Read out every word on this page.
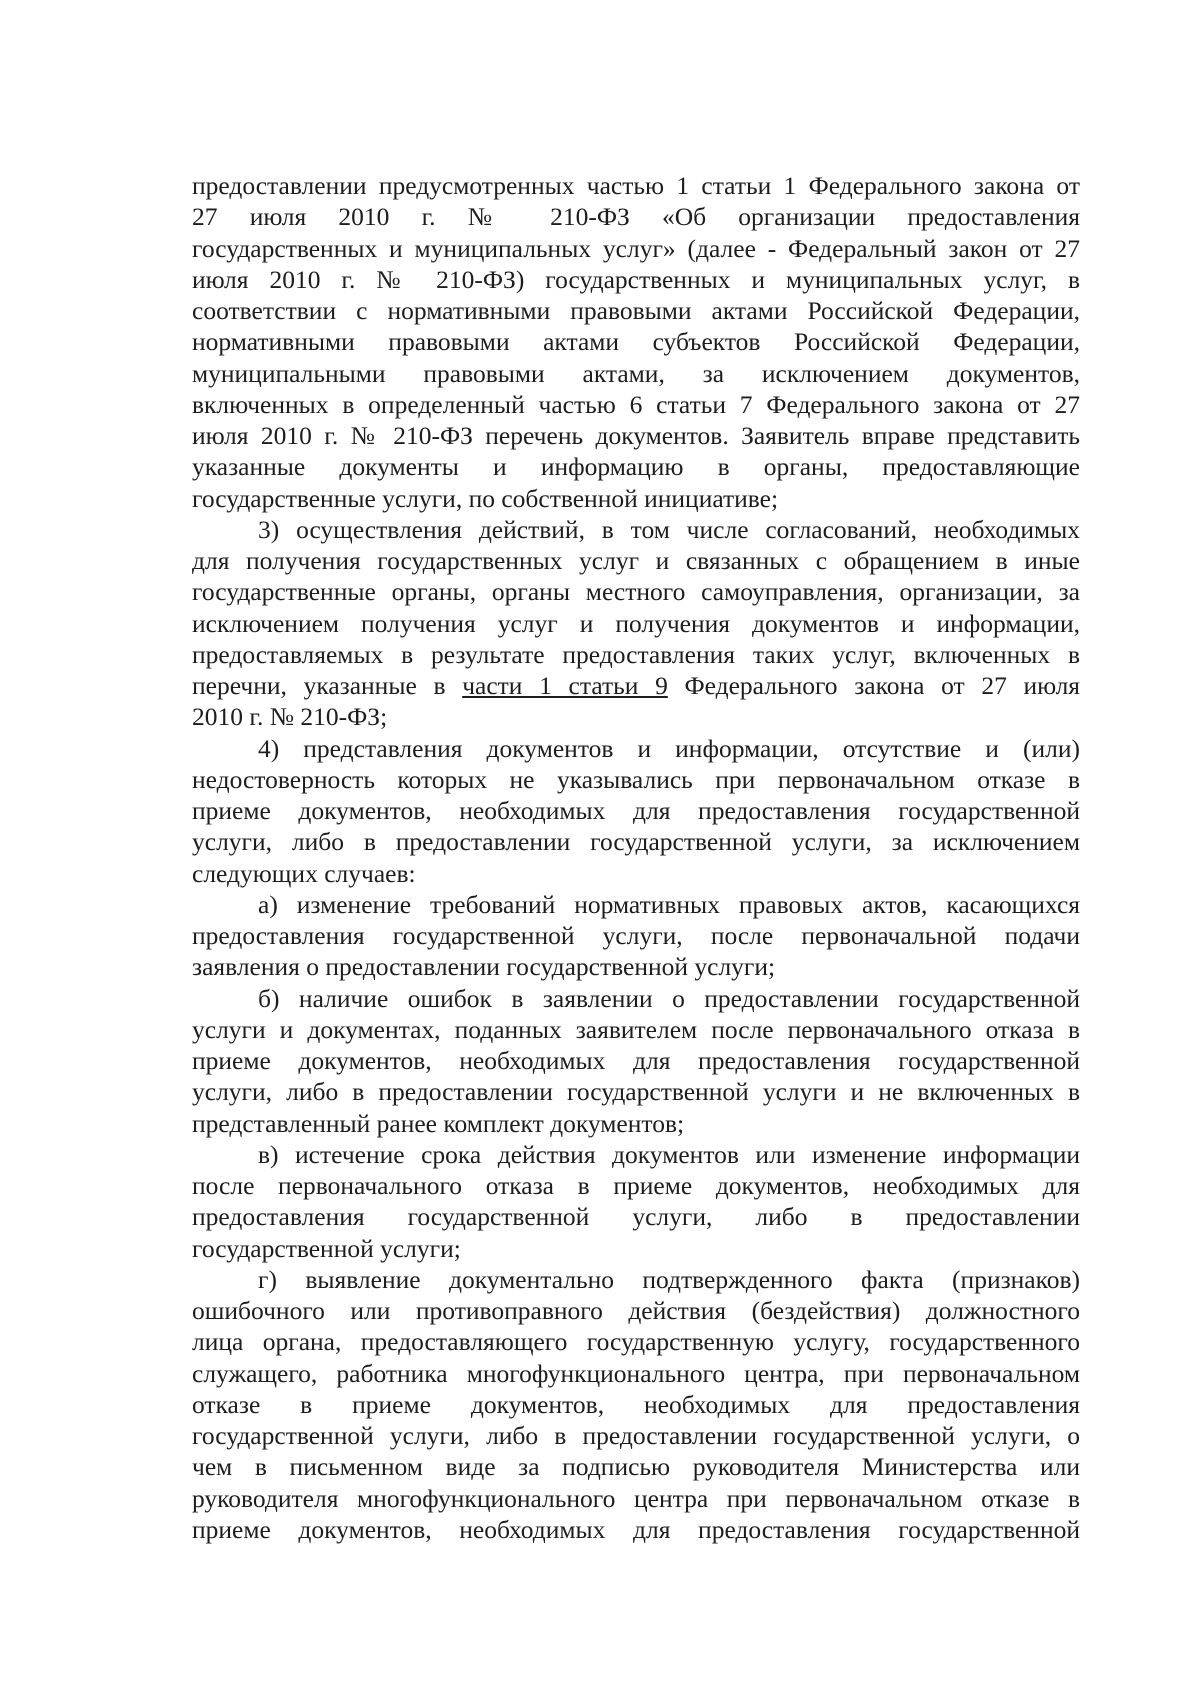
предоставлении предусмотренных частью 1 статьи 1 Федерального закона от
27 июля 2010 г. № 210-ФЗ «Об организации предоставления
государственных и муниципальных услуг» (далее - Федеральный закон от 27
июля 2010 г. № 210-ФЗ) государственных и муниципальных услуг, в
соответствии с нормативными правовыми актами Российской Федерации,
нормативными правовыми актами субъектов Российской Федерации,
муниципальными правовыми актами, за исключением документов,
включенных в определенный частью 6 статьи 7 Федерального закона от 27
июля 2010 г. № 210-ФЗ перечень документов. Заявитель вправе представить
указанные документы и информацию в органы, предоставляющие
государственные услуги, по собственной инициативе;
3) осуществления действий, в том числе согласований, необходимых
для получения государственных услуг и связанных с обращением в иные
государственные органы, органы местного самоуправления, организации, за
исключением получения услуг и получения документов и информации,
предоставляемых в результате предоставления таких услуг, включенных в
перечни, указанные в части 1 статьи 9 Федерального закона от 27 июля
2010 г. № 210-ФЗ;
4) представления документов и информации, отсутствие и (или)
недостоверность которых не указывались при первоначальном отказе в
приеме документов, необходимых для предоставления государственной
услуги, либо в предоставлении государственной услуги, за исключением
следующих случаев:
а) изменение требований нормативных правовых актов, касающихся
предоставления государственной услуги, после первоначальной подачи
заявления о предоставлении государственной услуги;
б) наличие ошибок в заявлении о предоставлении государственной
услуги и документах, поданных заявителем после первоначального отказа в
приеме документов, необходимых для предоставления государственной
услуги, либо в предоставлении государственной услуги и не включенных в
представленный ранее комплект документов;
в) истечение срока действия документов или изменение информации
после первоначального отказа в приеме документов, необходимых для
предоставления государственной услуги, либо в предоставлении
государственной услуги;
г) выявление документально подтвержденного факта (признаков)
ошибочного или противоправного действия (бездействия) должностного
лица органа, предоставляющего государственную услугу, государственного
служащего, работника многофункционального центра, при первоначальном
отказе в приеме документов, необходимых для предоставления
государственной услуги, либо в предоставлении государственной услуги, о
чем в письменном виде за подписью руководителя Министерства или
руководителя многофункционального центра при первоначальном отказе в
приеме документов, необходимых для предоставления государственной
